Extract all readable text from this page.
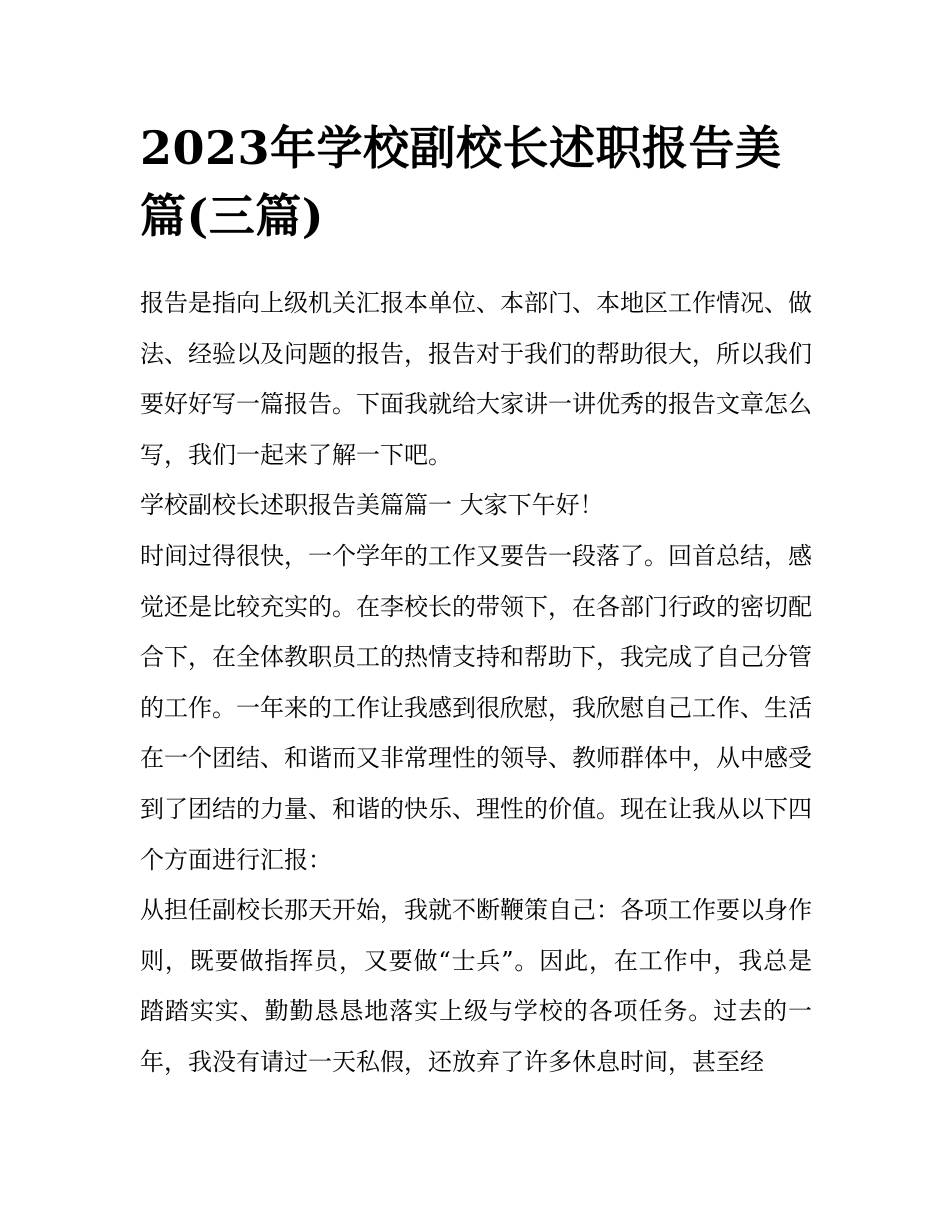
2023年学校副校长述职报告美篇(三篇)

报告是指向上级机关汇报本单位、本部门、本地区工作情况、做法、经验以及问题的报告，报告对于我们的帮助很大，所以我们要好好写一篇报告。下面我就给大家讲一讲优秀的报告文章怎么写，我们一起来了解一下吧。

学校副校长述职报告美篇篇一 大家下午好！

时间过得很快，一个学年的工作又要告一段落了。回首总结，感觉还是比较充实的。在李校长的带领下，在各部门行政的密切配合下，在全体教职员工的热情支持和帮助下，我完成了自己分管的工作。一年来的工作让我感到很欣慰，我欣慰自己工作、生活在一个团结、和谐而又非常理性的领导、教师群体中，从中感受到了团结的力量、和谐的快乐、理性的价值。现在让我从以下四个方面进行汇报：

从担任副校长那天开始，我就不断鞭策自己：各项工作要以身作则，既要做指挥员，又要做“士兵”。因此，在工作中，我总是踏踏实实、勤勤恳恳地落实上级与学校的各项任务。过去的一年，我没有请过一天私假，还放弃了许多休息时间，甚至经
